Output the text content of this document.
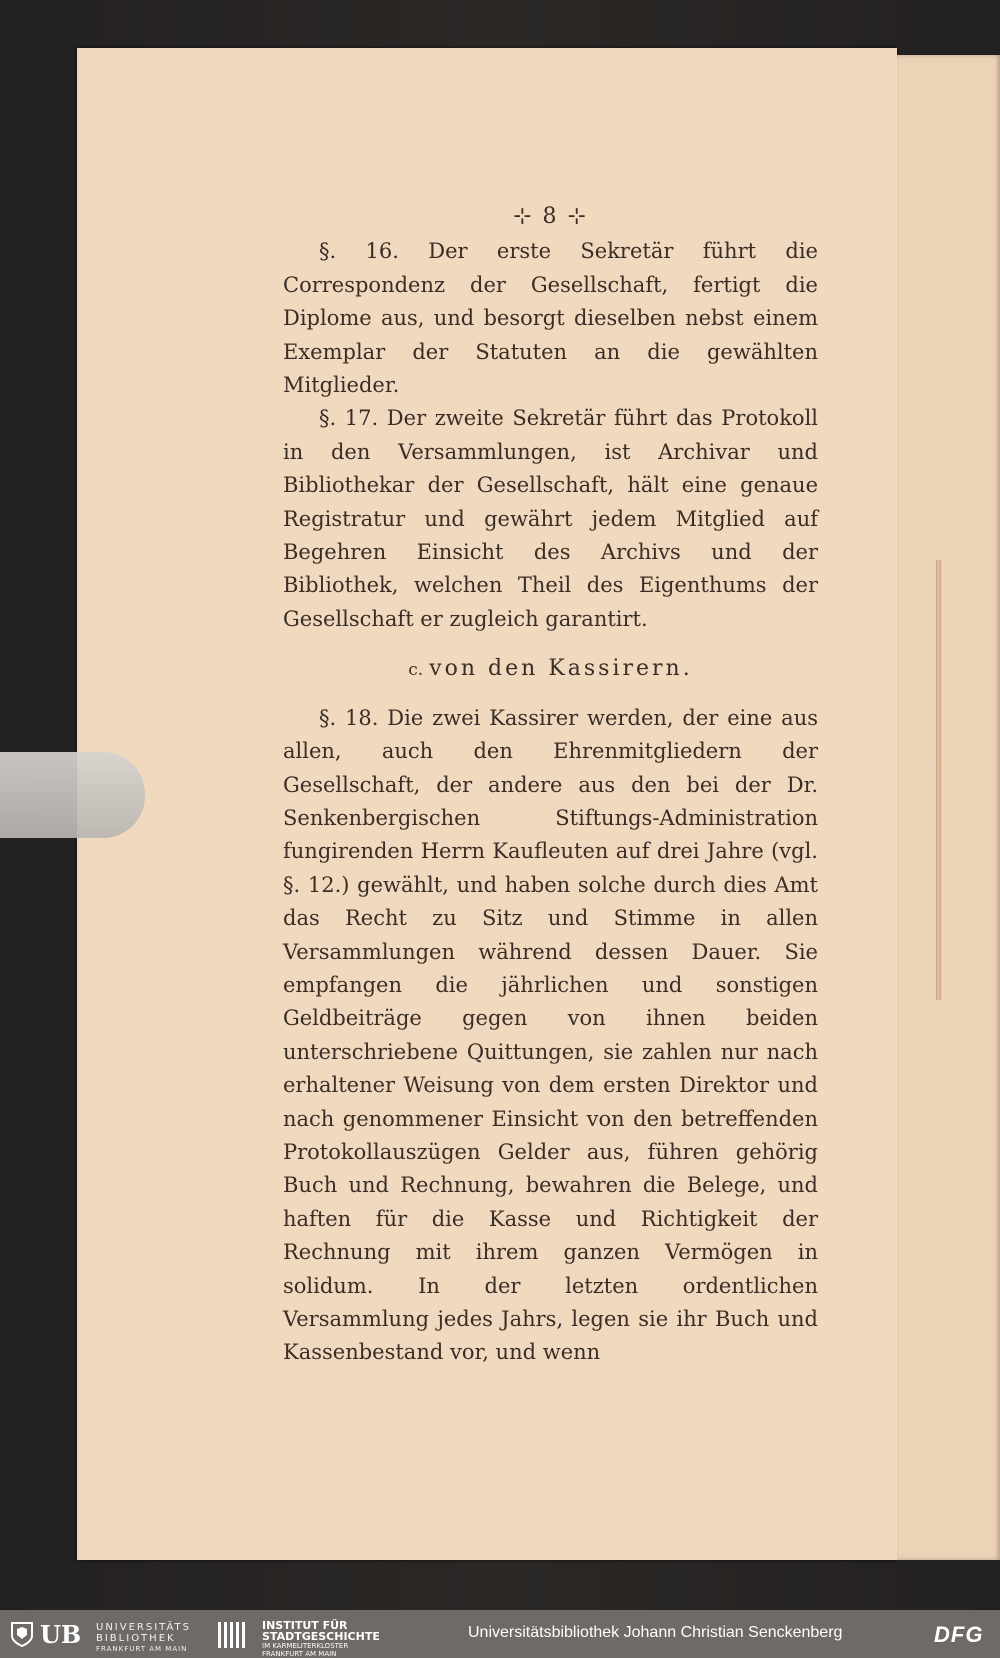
⊹ 8 ⊹

§. 16. Der erste Sekretär führt die Correspondenz der Gesellschaft, fertigt die Diplome aus, und besorgt dieselben nebst einem Exemplar der Statuten an die gewählten Mitglieder.

§. 17. Der zweite Sekretär führt das Protokoll in den Versammlungen, ist Archivar und Bibliothekar der Gesellschaft, hält eine genaue Registratur und gewährt jedem Mitglied auf Begehren Einsicht des Archivs und der Bibliothek, welchen Theil des Eigenthums der Gesellschaft er zugleich garantirt.

c. von den Kassirern.

§. 18. Die zwei Kassirer werden, der eine aus allen, auch den Ehrenmitgliedern der Gesellschaft, der andere aus den bei der Dr. Senkenbergischen Stiftungs-Administration fungirenden Herrn Kaufleuten auf drei Jahre (vgl. §. 12.) gewählt, und haben solche durch dies Amt das Recht zu Sitz und Stimme in allen Versammlungen während dessen Dauer. Sie empfangen die jährlichen und sonstigen Geldbeiträge gegen von ihnen beiden unterschriebene Quittungen, sie zahlen nur nach erhaltener Weisung von dem ersten Direktor und nach genommener Einsicht von den betreffenden Protokollauszügen Gelder aus, führen gehörig Buch und Rechnung, bewahren die Belege, und haften für die Kasse und Richtigkeit der Rechnung mit ihrem ganzen Vermögen in solidum. In der letzten ordentlichen Versammlung jedes Jahrs, legen sie ihr Buch und Kassenbestand vor, und wenn

UB UNIVERSITÄTS
BIBLIOTHEK
FRANKFURT AM MAIN
INSTITUT FÜR
STADTGESCHICHTE
IM KARMELITERKLOSTER
FRANKFURT AM MAIN
Universitätsbibliothek Johann Christian Senckenberg	DFG
